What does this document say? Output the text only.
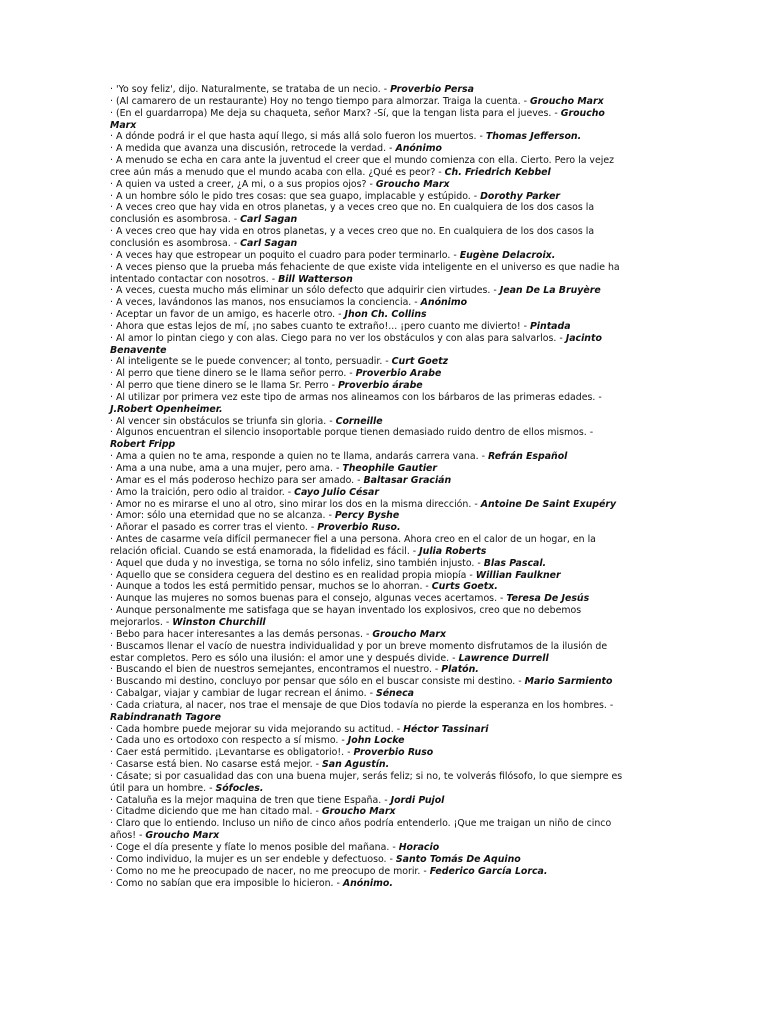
· 'Yo soy feliz', dijo. Naturalmente, se trataba de un necio. - Proverbio Persa

· (Al camarero de un restaurante) Hoy no tengo tiempo para almorzar. Traiga la cuenta. - Groucho Marx

· (En el guardarropa) Me deja su chaqueta, señor Marx? -Sí, que la tengan lista para el jueves. - Groucho Marx

· A dónde podrá ir el que hasta aquí llego, si más allá solo fueron los muertos. - Thomas Jefferson.

· A medida que avanza una discusión, retrocede la verdad. - Anónimo

· A menudo se echa en cara ante la juventud el creer que el mundo comienza con ella. Cierto. Pero la vejez cree aún más a menudo que el mundo acaba con ella. ¿Qué es peor? - Ch. Friedrich Kebbel

· A quien va usted a creer, ¿A mi, o a sus propios ojos? - Groucho Marx

· A un hombre sólo le pido tres cosas: que sea guapo, implacable y estúpido. - Dorothy Parker

· A veces creo que hay vida en otros planetas, y a veces creo que no. En cualquiera de los dos casos la conclusión es asombrosa. - Carl Sagan

· A veces creo que hay vida en otros planetas, y a veces creo que no. En cualquiera de los dos casos la conclusión es asombrosa. - Carl Sagan

· A veces hay que estropear un poquito el cuadro para poder terminarlo. - Eugène Delacroix.

· A veces pienso que la prueba más fehaciente de que existe vida inteligente en el universo es que nadie ha intentado contactar con nosotros. - Bill Watterson

· A veces, cuesta mucho más eliminar un sólo defecto que adquirir cien virtudes. - Jean De La Bruyère

· A veces, lavándonos las manos, nos ensuciamos la conciencia. - Anónimo

· Aceptar un favor de un amigo, es hacerle otro. - Jhon Ch. Collins

· Ahora que estas lejos de mí, ¡no sabes cuanto te extraño!... ¡pero cuanto me divierto! - Pintada

· Al amor lo pintan ciego y con alas. Ciego para no ver los obstáculos y con alas para salvarlos. - Jacinto Benavente

· Al inteligente se le puede convencer; al tonto, persuadir. - Curt Goetz

· Al perro que tiene dinero se le llama señor perro. - Proverbio Arabe

· Al perro que tiene dinero se le llama Sr. Perro - Proverbio árabe

· Al utilizar por primera vez este tipo de armas nos alineamos con los bárbaros de las primeras edades. - J.Robert Openheimer.

· Al vencer sin obstáculos se triunfa sin gloria. - Corneille

· Algunos encuentran el silencio insoportable porque tienen demasiado ruido dentro de ellos mismos. - Robert Fripp

· Ama a quien no te ama, responde a quien no te llama, andarás carrera vana. - Refrán Español

· Ama a una nube, ama a una mujer, pero ama. - Theophile Gautier

· Amar es el más poderoso hechizo para ser amado. - Baltasar Gracián

· Amo la traición, pero odio al traidor. - Cayo Julio César

· Amor no es mirarse el uno al otro, sino mirar los dos en la misma dirección. - Antoine De Saint Exupéry

· Amor: sólo una eternidad que no se alcanza. - Percy Byshe

· Añorar el pasado es correr tras el viento. - Proverbio Ruso.

· Antes de casarme veía difícil permanecer fiel a una persona. Ahora creo en el calor de un hogar, en la relación oficial. Cuando se está enamorada, la fidelidad es fácil. - Julia Roberts

· Aquel que duda y no investiga, se torna no sólo infeliz, sino también injusto. - Blas Pascal.

· Aquello que se considera ceguera del destino es en realidad propia miopía - Willian Faulkner

· Aunque a todos les está permitido pensar, muchos se lo ahorran. - Curts Goetx.

· Aunque las mujeres no somos buenas para el consejo, algunas veces acertamos. - Teresa De Jesús

· Aunque personalmente me satisfaga que se hayan inventado los explosivos, creo que no debemos mejorarlos. - Winston Churchill

· Bebo para hacer interesantes a las demás personas. - Groucho Marx

· Buscamos llenar el vacío de nuestra individualidad y por un breve momento disfrutamos de la ilusión de estar completos. Pero es sólo una ilusión: el amor une y después divide. - Lawrence Durrell

· Buscando el bien de nuestros semejantes, encontramos el nuestro. - Platón.

· Buscando mi destino, concluyo por pensar que sólo en el buscar consiste mi destino. - Mario Sarmiento

· Cabalgar, viajar y cambiar de lugar recrean el ánimo. - Séneca

· Cada criatura, al nacer, nos trae el mensaje de que Dios todavía no pierde la esperanza en los hombres. - Rabindranath Tagore

· Cada hombre puede mejorar su vida mejorando su actitud. - Héctor Tassinari

· Cada uno es ortodoxo con respecto a sí mismo. - John Locke

· Caer está permitido. ¡Levantarse es obligatorio!. - Proverbio Ruso

· Casarse está bien. No casarse está mejor. - San Agustín.

· Cásate; si por casualidad das con una buena mujer, serás feliz; si no, te volverás filósofo, lo que siempre es útil para un hombre. - Sófocles.

· Cataluña es la mejor maquina de tren que tiene España. - Jordi Pujol

· Citadme diciendo que me han citado mal. - Groucho Marx

· Claro que lo entiendo. Incluso un niño de cinco años podría entenderlo. ¡Que me traigan un niño de cinco años! - Groucho Marx

· Coge el día presente y fíate lo menos posible del mañana. - Horacio

· Como individuo, la mujer es un ser endeble y defectuoso. - Santo Tomás De Aquino

· Como no me he preocupado de nacer, no me preocupo de morir. - Federico García Lorca.

· Como no sabían que era imposible lo hicieron. - Anónimo.
